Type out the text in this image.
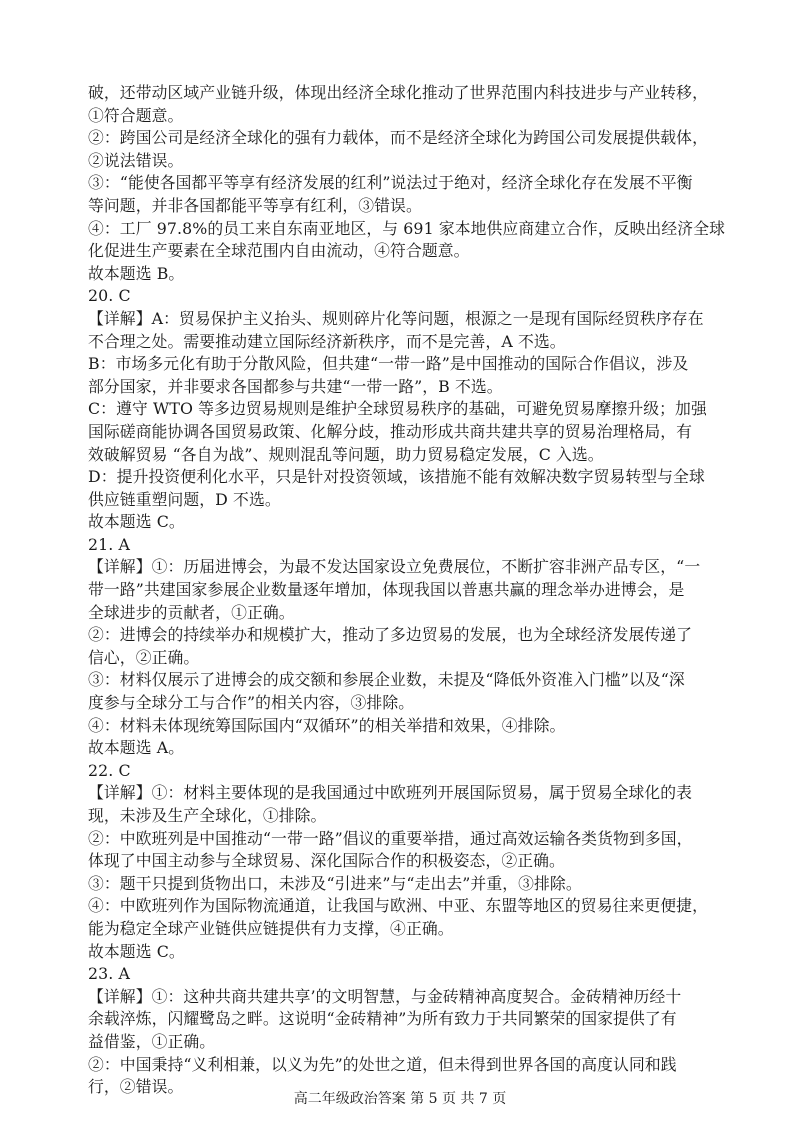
破，还带动区域产业链升级，体现出经济全球化推动了世界范围内科技进步与产业转移，
①符合题意。
②：跨国公司是经济全球化的强有力载体，而不是经济全球化为跨国公司发展提供载体，
②说法错误。
③：“能使各国都平等享有经济发展的红利”说法过于绝对，经济全球化存在发展不平衡
等问题，并非各国都能平等享有红利，③错误。
④：工厂 97.8%的员工来自东南亚地区，与 691 家本地供应商建立合作，反映出经济全球
化促进生产要素在全球范围内自由流动，④符合题意。
故本题选 B。
20. C
【详解】A：贸易保护主义抬头、规则碎片化等问题，根源之一是现有国际经贸秩序存在
不合理之处。需要推动建立国际经济新秩序，而不是完善，A 不选。
B：市场多元化有助于分散风险，但共建“一带一路”是中国推动的国际合作倡议，涉及
部分国家，并非要求各国都参与共建“一带一路”，B 不选。
C：遵守 WTO 等多边贸易规则是维护全球贸易秩序的基础，可避免贸易摩擦升级；加强
国际磋商能协调各国贸易政策、化解分歧，推动形成共商共建共享的贸易治理格局，有
效破解贸易 “各自为战”、规则混乱等问题，助力贸易稳定发展，C 入选。
D：提升投资便利化水平，只是针对投资领域，该措施不能有效解决数字贸易转型与全球
供应链重塑问题，D 不选。
故本题选 C。
21. A
【详解】①：历届进博会，为最不发达国家设立免费展位，不断扩容非洲产品专区，“一
带一路”共建国家参展企业数量逐年增加，体现我国以普惠共赢的理念举办进博会，是
全球进步的贡献者，①正确。
②：进博会的持续举办和规模扩大，推动了多边贸易的发展，也为全球经济发展传递了
信心，②正确。
③：材料仅展示了进博会的成交额和参展企业数，未提及“降低外资准入门槛”以及“深
度参与全球分工与合作”的相关内容，③排除。
④：材料未体现统筹国际国内“双循环”的相关举措和效果，④排除。
故本题选 A。
22. C
【详解】①：材料主要体现的是我国通过中欧班列开展国际贸易，属于贸易全球化的表
现，未涉及生产全球化，①排除。
②：中欧班列是中国推动“一带一路”倡议的重要举措，通过高效运输各类货物到多国，
体现了中国主动参与全球贸易、深化国际合作的积极姿态，②正确。
③：题干只提到货物出口，未涉及“引进来”与“走出去”并重，③排除。
④：中欧班列作为国际物流通道，让我国与欧洲、中亚、东盟等地区的贸易往来更便捷，
能为稳定全球产业链供应链提供有力支撑，④正确。
故本题选 C。
23. A
【详解】①：这种共商共建共享’的文明智慧，与金砖精神高度契合。金砖精神历经十
余载淬炼，闪耀鹭岛之畔。这说明“金砖精神”为所有致力于共同繁荣的国家提供了有
益借鉴，①正确。
②：中国秉持“义利相兼，以义为先”的处世之道，但未得到世界各国的高度认同和践
行，②错误。
高二年级政治答案 第 5 页 共 7 页
